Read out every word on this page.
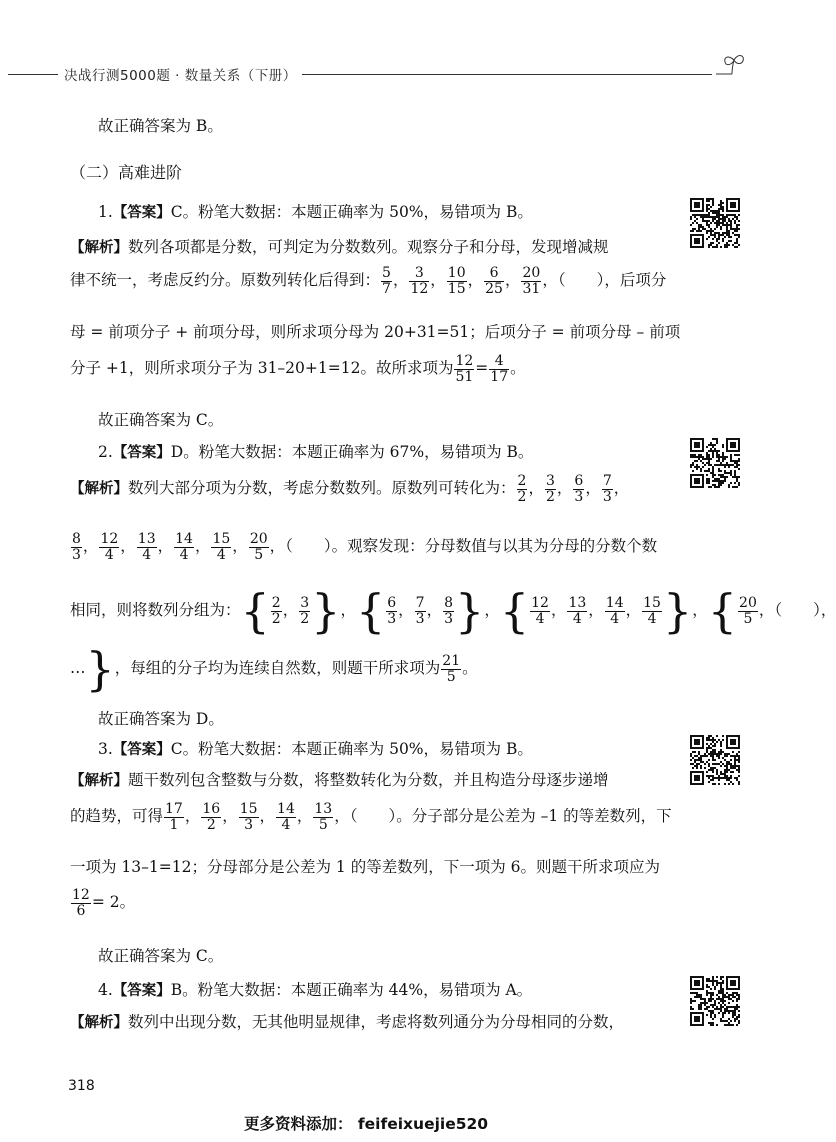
决战行测5000题 · 数量关系（下册）
故正确答案为 B。
（二）高难进阶
1.【答案】C。粉笔大数据：本题正确率为 50%，易错项为 B。
【解析】数列各项都是分数，可判定为分数数列。观察分子和分母，发现增减规
律不统一，考虑反约分。原数列转化后得到： $\frac{5}{7}$ ， $\frac{3}{12}$ ， $\frac{10}{15}$ ， $\frac{6}{25}$ ， $\frac{20}{31}$ ，（　　），后项分
母 = 前项分子 + 前项分母，则所求项分母为 20+31=51；后项分子 = 前项分母 – 前项
分子 +1，则所求项分子为 31–20+1=12。故所求项为 $\frac{12}{51} = \frac{4}{17}$ 。
故正确答案为 C。
2.【答案】D。粉笔大数据：本题正确率为 67%，易错项为 B。
【解析】数列大部分项为分数，考虑分数数列。原数列可转化为： $\frac{2}{2}$ ， $\frac{3}{2}$ ， $\frac{6}{3}$ ， $\frac{7}{3}$ ，
$\frac{8}{3}$ ， $\frac{12}{4}$ ， $\frac{13}{4}$ ， $\frac{14}{4}$ ， $\frac{15}{4}$ ， $\frac{20}{5}$ ，（　　）。观察发现：分母数值与以其为分母的分数个数
相同，则将数列分组为：{ $\frac{2}{2}$ ， $\frac{3}{2}$ }，{ $\frac{6}{3}$ ， $\frac{7}{3}$ ， $\frac{8}{3}$ }，{ $\frac{12}{4}$ ， $\frac{13}{4}$ ， $\frac{14}{4}$ ， $\frac{15}{4}$ }，{ $\frac{20}{5}$ ，（　　），
…}，每组的分子均为连续自然数，则题干所求项为 $\frac{21}{5}$ 。
故正确答案为 D。
3.【答案】C。粉笔大数据：本题正确率为 50%，易错项为 B。
【解析】题干数列包含整数与分数，将整数转化为分数，并且构造分母逐步递增
的趋势，可得 $\frac{17}{1}$ ， $\frac{16}{2}$ ， $\frac{15}{3}$ ， $\frac{14}{4}$ ， $\frac{13}{5}$ ，（　　）。分子部分是公差为 –1 的等差数列，下
一项为 13–1=12；分母部分是公差为 1 的等差数列，下一项为 6。则题干所求项应为
$\frac{12}{6} = 2$。
故正确答案为 C。
4.【答案】B。粉笔大数据：本题正确率为 44%，易错项为 A。
【解析】数列中出现分数，无其他明显规律，考虑将数列通分为分母相同的分数，
318
更多资料添加： feifeixuejie520
